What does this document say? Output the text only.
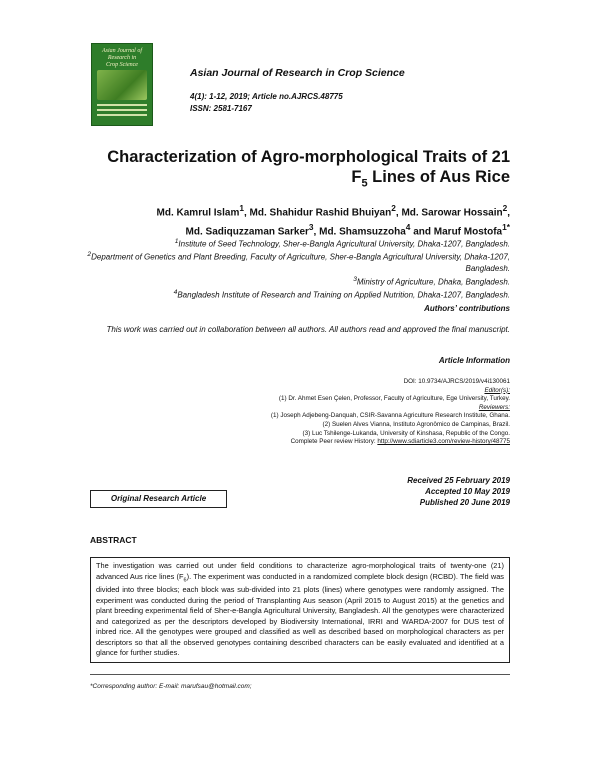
Asian Journal of
Research in
Crop Science
Asian Journal of Research in Crop Science
4(1): 1-12, 2019; Article no.AJRCS.48775
ISSN: 2581-7167
Characterization of Agro-morphological Traits of 21
$F_5$ Lines of Aus Rice
Md. Kamrul Islam$^1$, Md. Shahidur Rashid Bhuiyan$^2$, Md. Sarowar Hossain$^2$,
Md. Sadiquzzaman Sarker$^3$, Md. Shamsuzzoha$^4$ and Maruf Mostofa$^{1*}$
$^1$Institute of Seed Technology, Sher-e-Bangla Agricultural University, Dhaka-1207, Bangladesh.
$^2$Department of Genetics and Plant Breeding, Faculty of Agriculture, Sher-e-Bangla Agricultural University, Dhaka-1207, Bangladesh.
$^3$Ministry of Agriculture, Dhaka, Bangladesh.
$^4$Bangladesh Institute of Research and Training on Applied Nutrition, Dhaka-1207, Bangladesh.
Authors’ contributions
This work was carried out in collaboration between all authors. All authors read and approved the final manuscript.
Article Information
DOI: 10.9734/AJRCS/2019/v4i130061
Editor(s):
(1) Dr. Ahmet Esen Çelen, Professor, Faculty of Agriculture, Ege University, Turkey.
Reviewers:
(1) Joseph Adjebeng-Danquah, CSIR-Savanna Agriculture Research Institute, Ghana.
(2) Suelen Alves Vianna, Instituto Agronômico de Campinas, Brazil.
(3) Luc Tshilenge-Lukanda, University of Kinshasa, Republic of the Congo.
Complete Peer review History: http://www.sdiarticle3.com/review-history/48775
Original Research Article
Received 25 February 2019
Accepted 10 May 2019
Published 20 June 2019
ABSTRACT
The investigation was carried out under field conditions to characterize agro-morphological traits of twenty-one (21) advanced Aus rice lines $(F_6)$. The experiment was conducted in a randomized complete block design (RCBD). The field was divided into three blocks; each block was sub-divided into 21 plots (lines) where genotypes were randomly assigned. The experiment was conducted during the period of Transplanting Aus season (April 2015 to August 2015) at the genetics and plant breeding experimental field of Sher-e-Bangla Agricultural University, Bangladesh. All the genotypes were characterized and categorized as per the descriptors developed by Biodiversity International, IRRI and WARDA-2007 for DUS test of inbred rice. All the genotypes were grouped and classified as well as described based on morphological characters as per descriptors so that all the observed genotypes containing described characters can be easily evaluated and identified at a glance for further studies.
*Corresponding author: E-mail: marufsau@hotmail.com;
